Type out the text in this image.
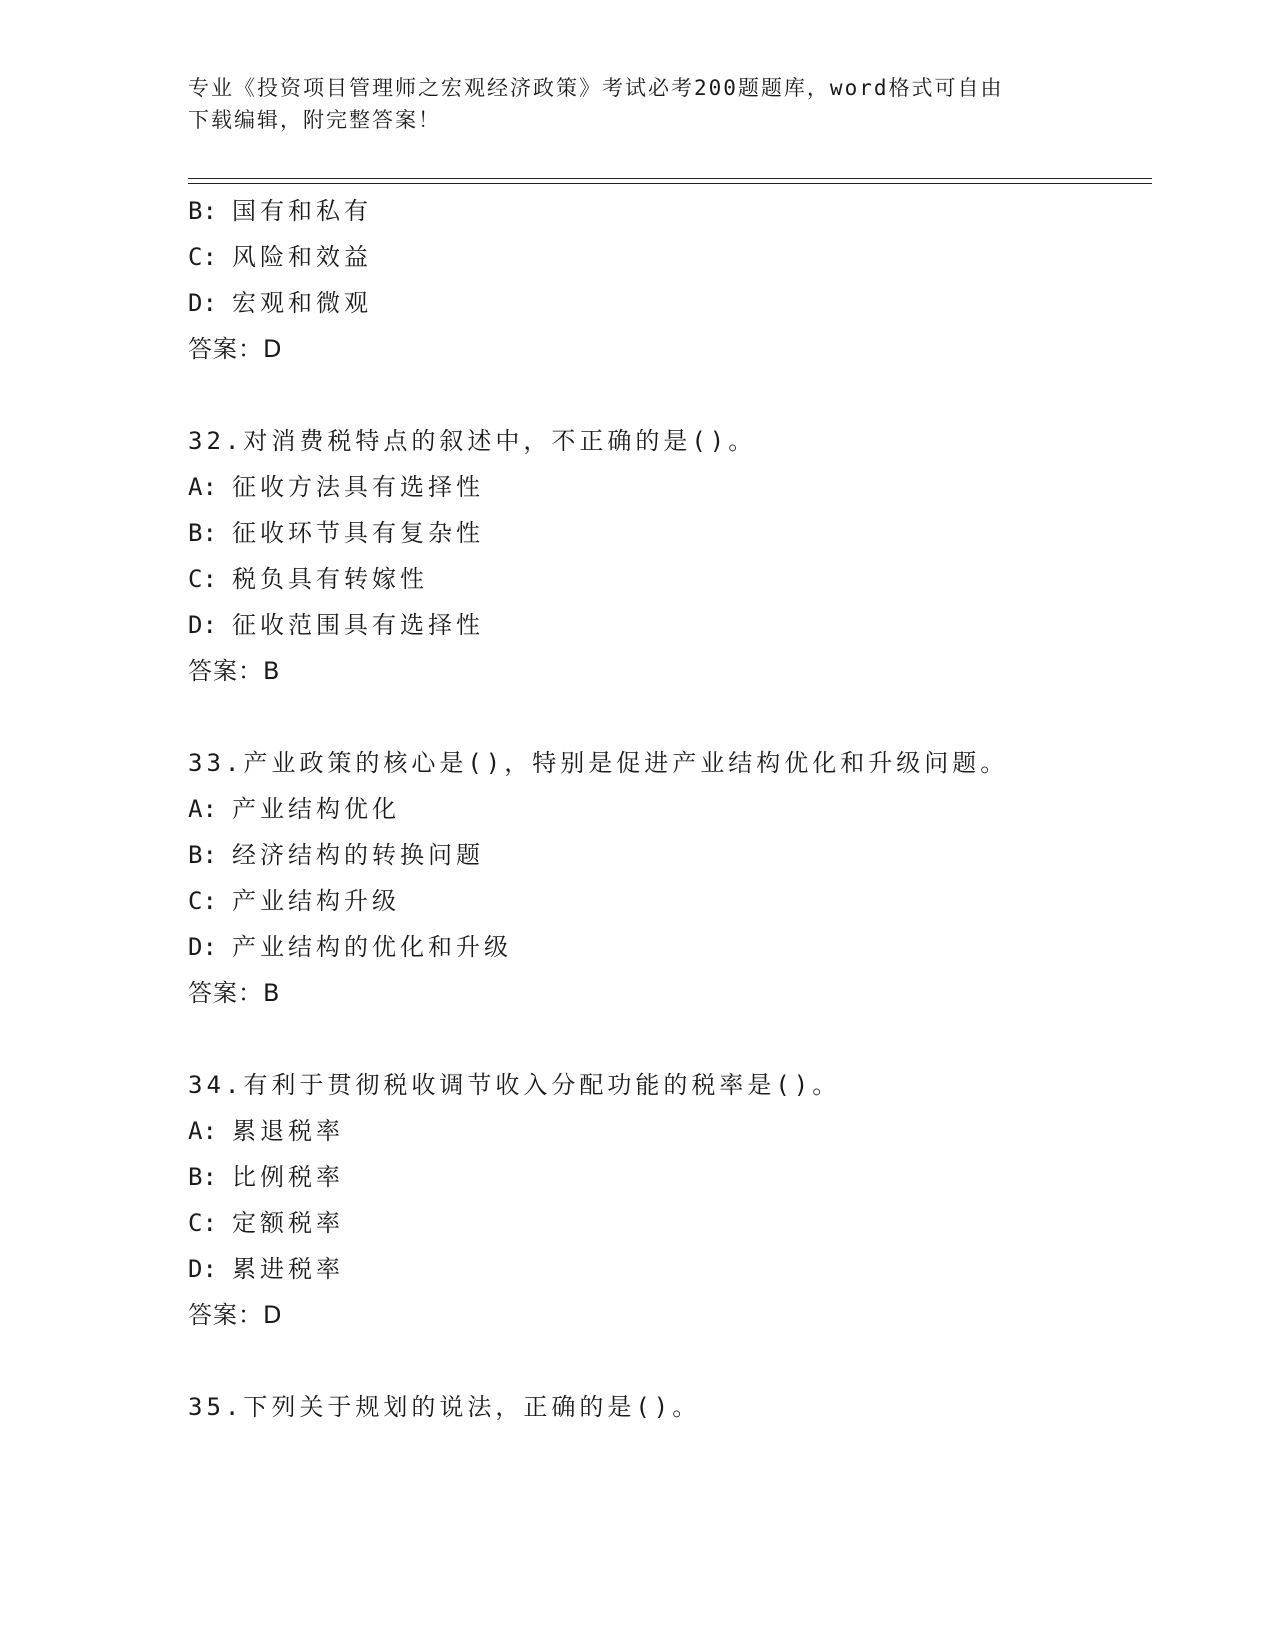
专业《投资项目管理师之宏观经济政策》考试必考200题题库，word格式可自由
下载编辑，附完整答案！
B: 国有和私有
C: 风险和效益
D: 宏观和微观
答案：D
32.对消费税特点的叙述中，不正确的是()。
A: 征收方法具有选择性
B: 征收环节具有复杂性
C: 税负具有转嫁性
D: 征收范围具有选择性
答案：B
33.产业政策的核心是()，特别是促进产业结构优化和升级问题。
A: 产业结构优化
B: 经济结构的转换问题
C: 产业结构升级
D: 产业结构的优化和升级
答案：B
34.有利于贯彻税收调节收入分配功能的税率是()。
A: 累退税率
B: 比例税率
C: 定额税率
D: 累进税率
答案：D
35.下列关于规划的说法，正确的是()。
